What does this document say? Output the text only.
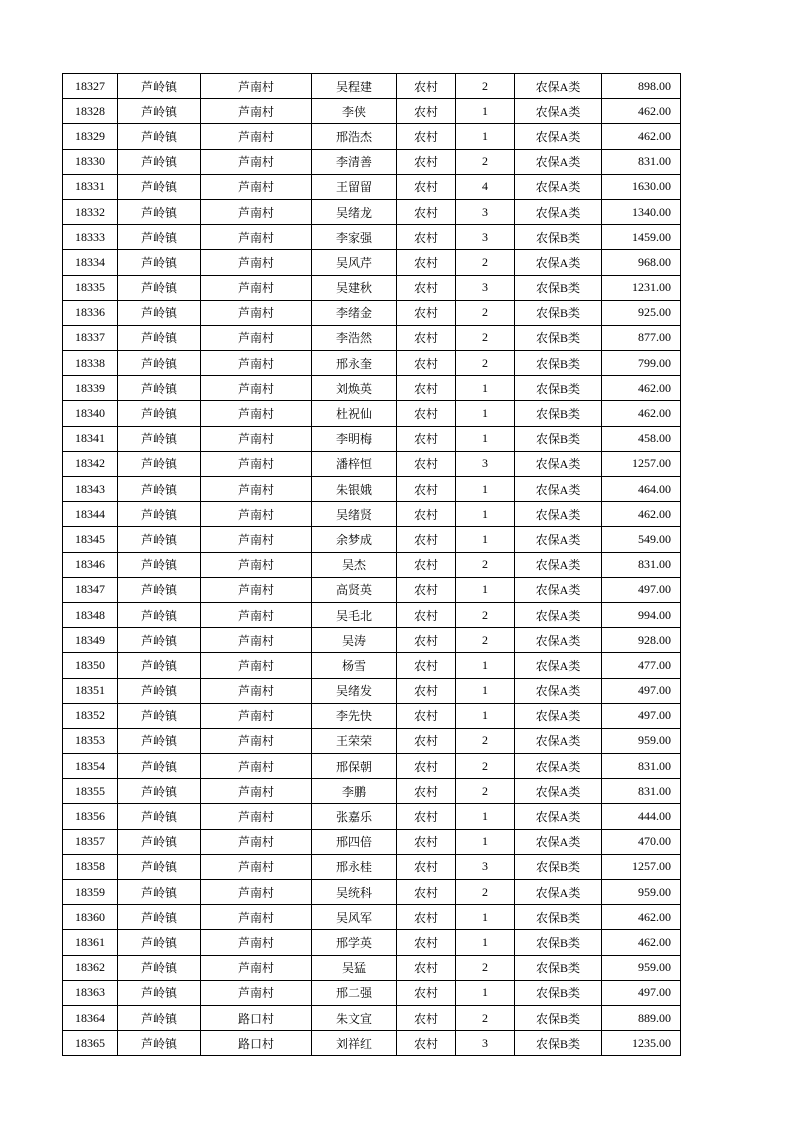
18327	芦岭镇	芦南村	吴程建	农村	2	农保A类	898.00
18328	芦岭镇	芦南村	李侠	农村	1	农保A类	462.00
18329	芦岭镇	芦南村	邢浩杰	农村	1	农保A类	462.00
18330	芦岭镇	芦南村	李清善	农村	2	农保A类	831.00
18331	芦岭镇	芦南村	王留留	农村	4	农保A类	1630.00
18332	芦岭镇	芦南村	吴绪龙	农村	3	农保A类	1340.00
18333	芦岭镇	芦南村	李家强	农村	3	农保B类	1459.00
18334	芦岭镇	芦南村	吴风芹	农村	2	农保A类	968.00
18335	芦岭镇	芦南村	吴建秋	农村	3	农保B类	1231.00
18336	芦岭镇	芦南村	李绪金	农村	2	农保B类	925.00
18337	芦岭镇	芦南村	李浩然	农村	2	农保B类	877.00
18338	芦岭镇	芦南村	邢永奎	农村	2	农保B类	799.00
18339	芦岭镇	芦南村	刘焕英	农村	1	农保B类	462.00
18340	芦岭镇	芦南村	杜祝仙	农村	1	农保B类	462.00
18341	芦岭镇	芦南村	李明梅	农村	1	农保B类	458.00
18342	芦岭镇	芦南村	潘梓恒	农村	3	农保A类	1257.00
18343	芦岭镇	芦南村	朱银娥	农村	1	农保A类	464.00
18344	芦岭镇	芦南村	吴绪贤	农村	1	农保A类	462.00
18345	芦岭镇	芦南村	余梦成	农村	1	农保A类	549.00
18346	芦岭镇	芦南村	吴杰	农村	2	农保A类	831.00
18347	芦岭镇	芦南村	高贤英	农村	1	农保A类	497.00
18348	芦岭镇	芦南村	吴毛北	农村	2	农保A类	994.00
18349	芦岭镇	芦南村	吴涛	农村	2	农保A类	928.00
18350	芦岭镇	芦南村	杨雪	农村	1	农保A类	477.00
18351	芦岭镇	芦南村	吴绪发	农村	1	农保A类	497.00
18352	芦岭镇	芦南村	李先快	农村	1	农保A类	497.00
18353	芦岭镇	芦南村	王荣荣	农村	2	农保A类	959.00
18354	芦岭镇	芦南村	邢保朝	农村	2	农保A类	831.00
18355	芦岭镇	芦南村	李鹏	农村	2	农保A类	831.00
18356	芦岭镇	芦南村	张嘉乐	农村	1	农保A类	444.00
18357	芦岭镇	芦南村	邢四倍	农村	1	农保A类	470.00
18358	芦岭镇	芦南村	邢永桂	农村	3	农保B类	1257.00
18359	芦岭镇	芦南村	吴统科	农村	2	农保A类	959.00
18360	芦岭镇	芦南村	吴风军	农村	1	农保B类	462.00
18361	芦岭镇	芦南村	邢学英	农村	1	农保B类	462.00
18362	芦岭镇	芦南村	吴猛	农村	2	农保B类	959.00
18363	芦岭镇	芦南村	邢二强	农村	1	农保B类	497.00
18364	芦岭镇	路口村	朱文宣	农村	2	农保B类	889.00
18365	芦岭镇	路口村	刘祥红	农村	3	农保B类	1235.00
